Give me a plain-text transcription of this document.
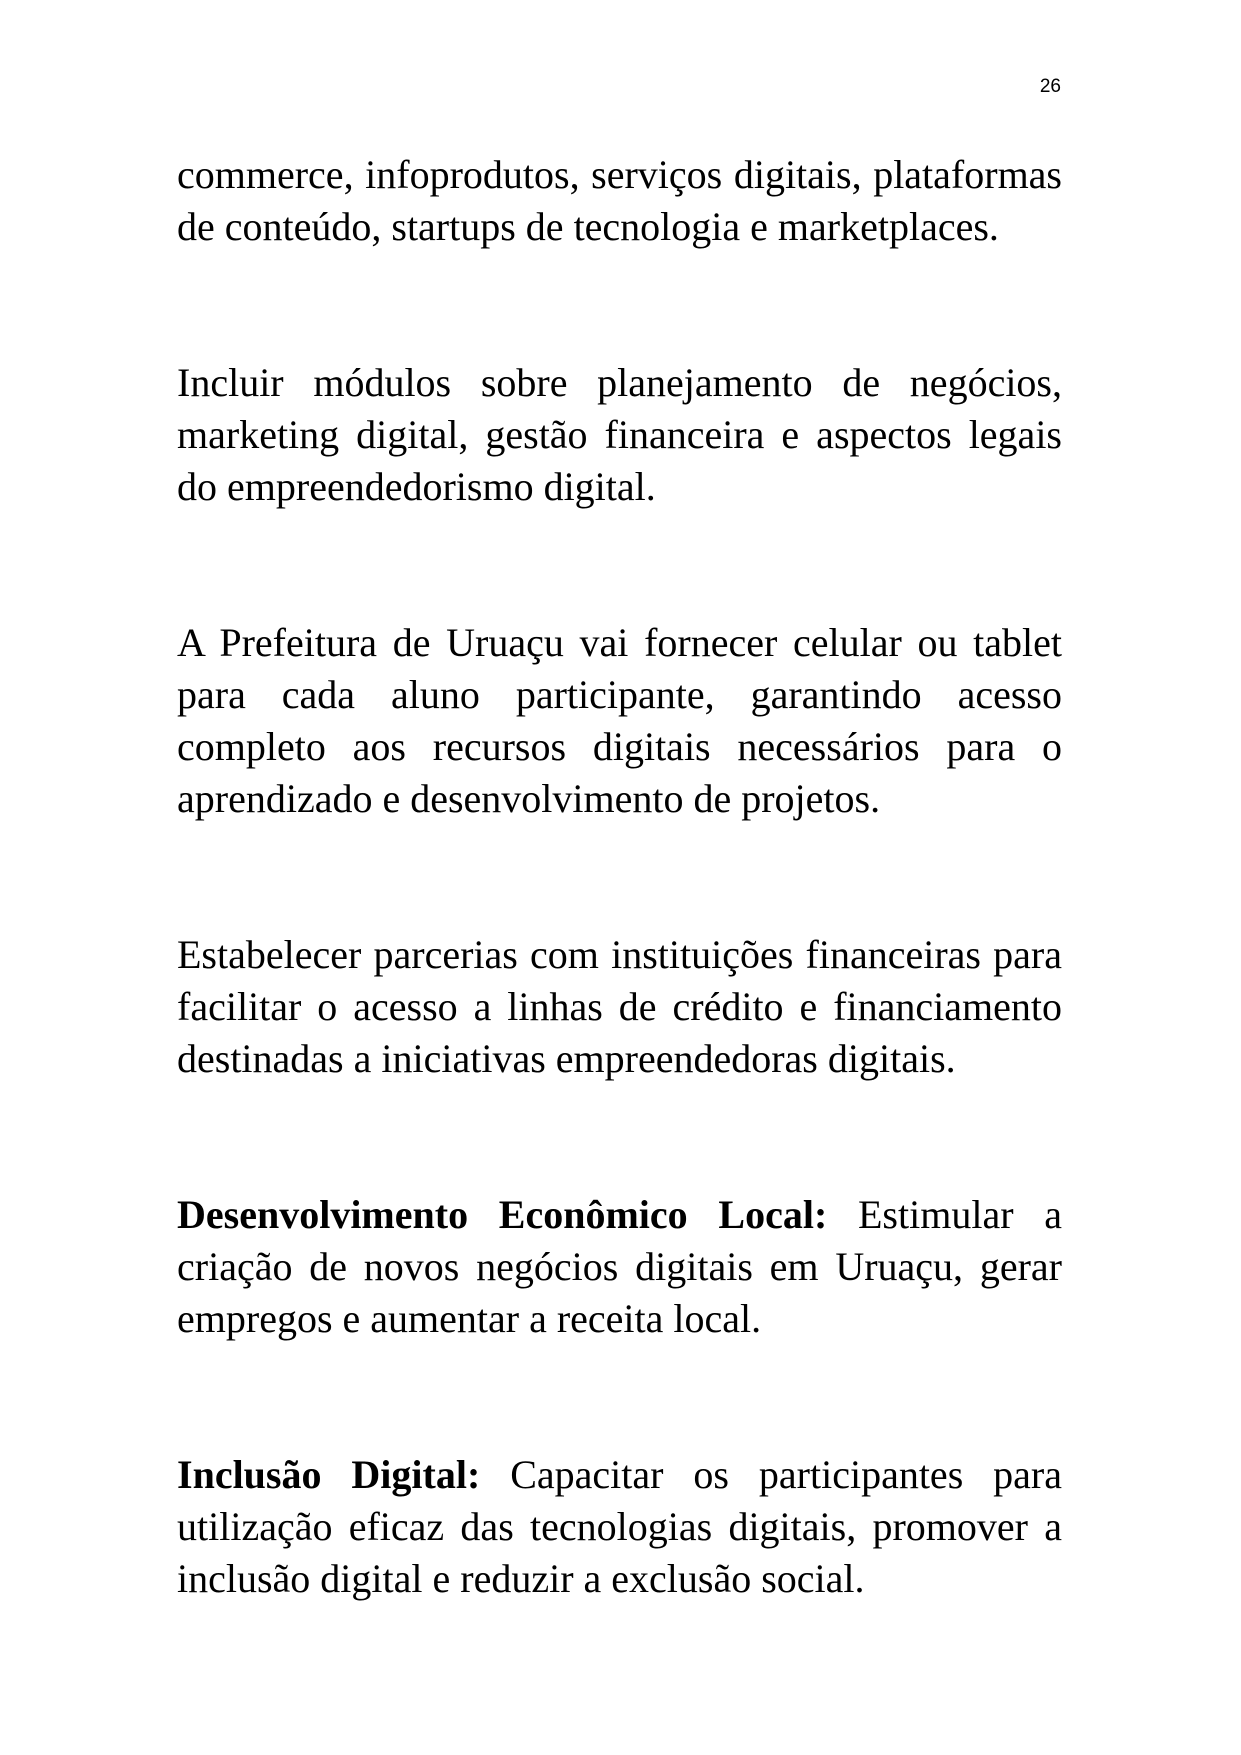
26

commerce, infoprodutos, serviços digitais, plataformas de conteúdo, startups de tecnologia e marketplaces.

Incluir módulos sobre planejamento de negócios, marketing digital, gestão financeira e aspectos legais do empreendedorismo digital.

A Prefeitura de Uruaçu vai fornecer celular ou tablet para cada aluno participante, garantindo acesso completo aos recursos digitais necessários para o aprendizado e desenvolvimento de projetos.

Estabelecer parcerias com instituições financeiras para facilitar o acesso a linhas de crédito e financiamento destinadas a iniciativas empreendedoras digitais.

Desenvolvimento Econômico Local: Estimular a criação de novos negócios digitais em Uruaçu, gerar empregos e aumentar a receita local.

Inclusão Digital: Capacitar os participantes para utilização eficaz das tecnologias digitais, promover a inclusão digital e reduzir a exclusão social.
